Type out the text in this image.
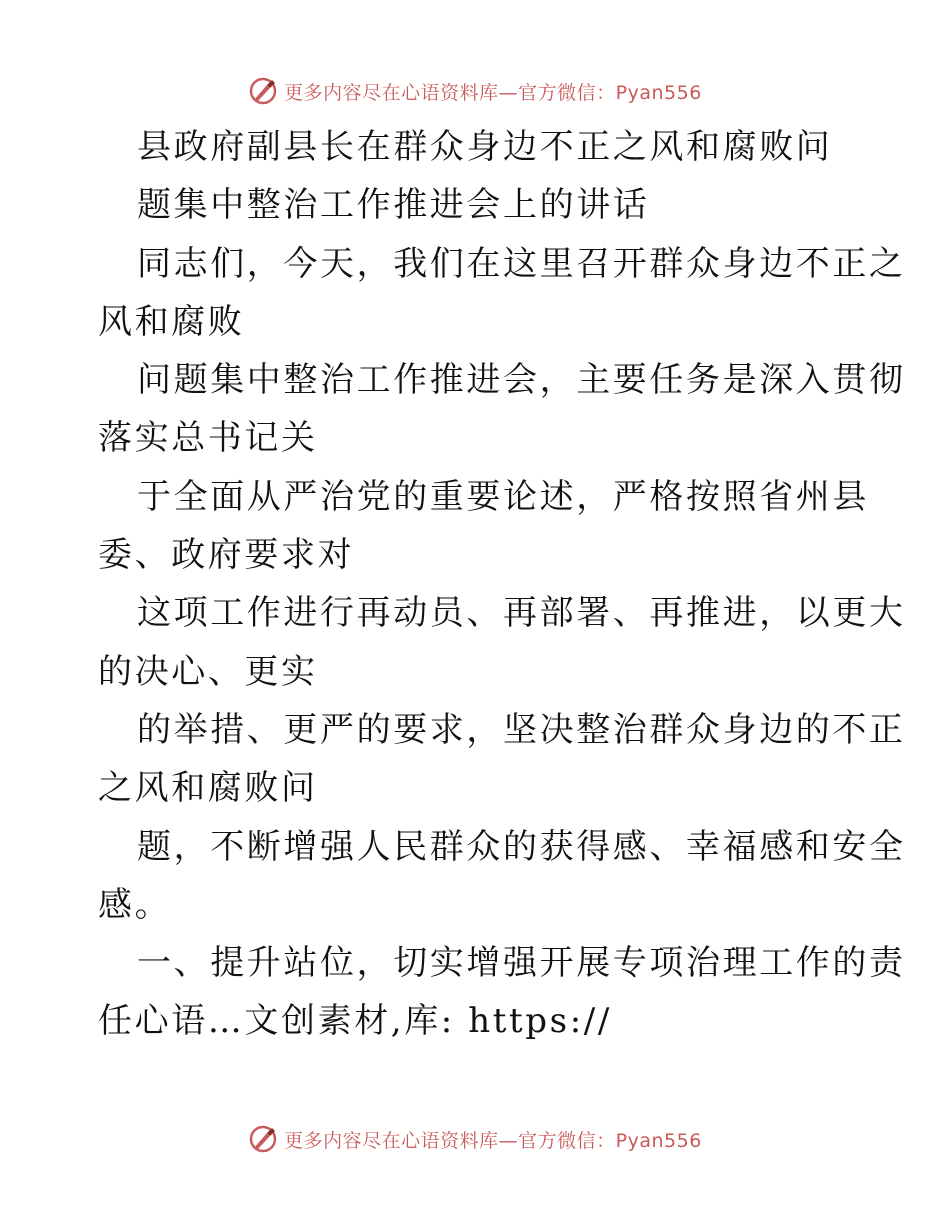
更多内容尽在心语资料库—官方微信：Pyan556
县政府副县长在群众身边不正之风和腐败问
题集中整治工作推进会上的讲话
同志们，今天，我们在这里召开群众身边不正之
风和腐败
问题集中整治工作推进会，主要任务是深入贯彻
落实总书记关
于全面从严治党的重要论述，严格按照省州县
委、政府要求对
这项工作进行再动员、再部署、再推进，以更大
的决心、更实
的举措、更严的要求，坚决整治群众身边的不正
之风和腐败问
题，不断增强人民群众的获得感、幸福感和安全
感。
一、提升站位，切实增强开展专项治理工作的责
任心语…文创素材,库: https://
更多内容尽在心语资料库—官方微信：Pyan556
